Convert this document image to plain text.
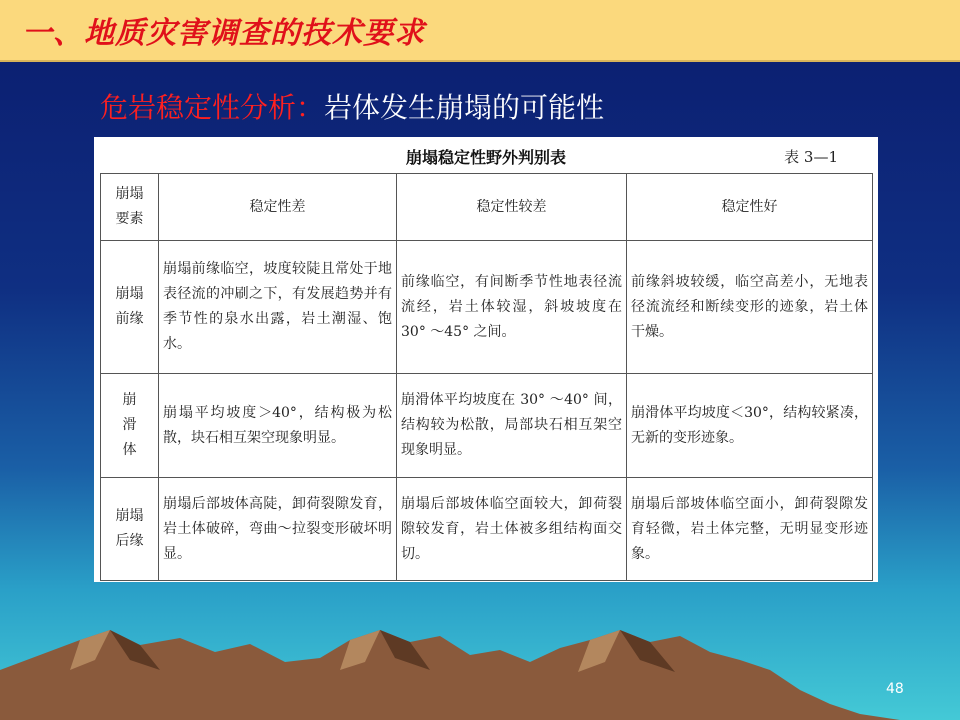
一、地质灾害调查的技术要求
危岩稳定性分析：岩体发生崩塌的可能性
崩塌稳定性野外判别表	表 3—1
崩塌要素	稳定性差	稳定性较差	稳定性好
崩塌前缘	崩塌前缘临空，坡度较陡且常处于地表径流的冲刷之下，有发展趋势并有季节性的泉水出露，岩土潮湿、饱水。	前缘临空，有间断季节性地表径流流经，岩土体较湿，斜坡坡度在 30° ～45° 之间。	前缘斜坡较缓，临空高差小，无地表径流流经和断续变形的迹象，岩土体干燥。
崩滑体	崩塌平均坡度＞40°，结构极为松散，块石相互架空现象明显。	崩滑体平均坡度在 30° ～40° 间，结构较为松散，局部块石相互架空现象明显。	崩滑体平均坡度＜30°，结构较紧凑，无新的变形迹象。
崩塌后缘	崩塌后部坡体高陡，卸荷裂隙发育，岩土体破碎，弯曲～拉裂变形破坏明显。	崩塌后部坡体临空面较大，卸荷裂隙较发育，岩土体被多组结构面交切。	崩塌后部坡体临空面小，卸荷裂隙发育轻微，岩土体完整，无明显变形迹象。
48
